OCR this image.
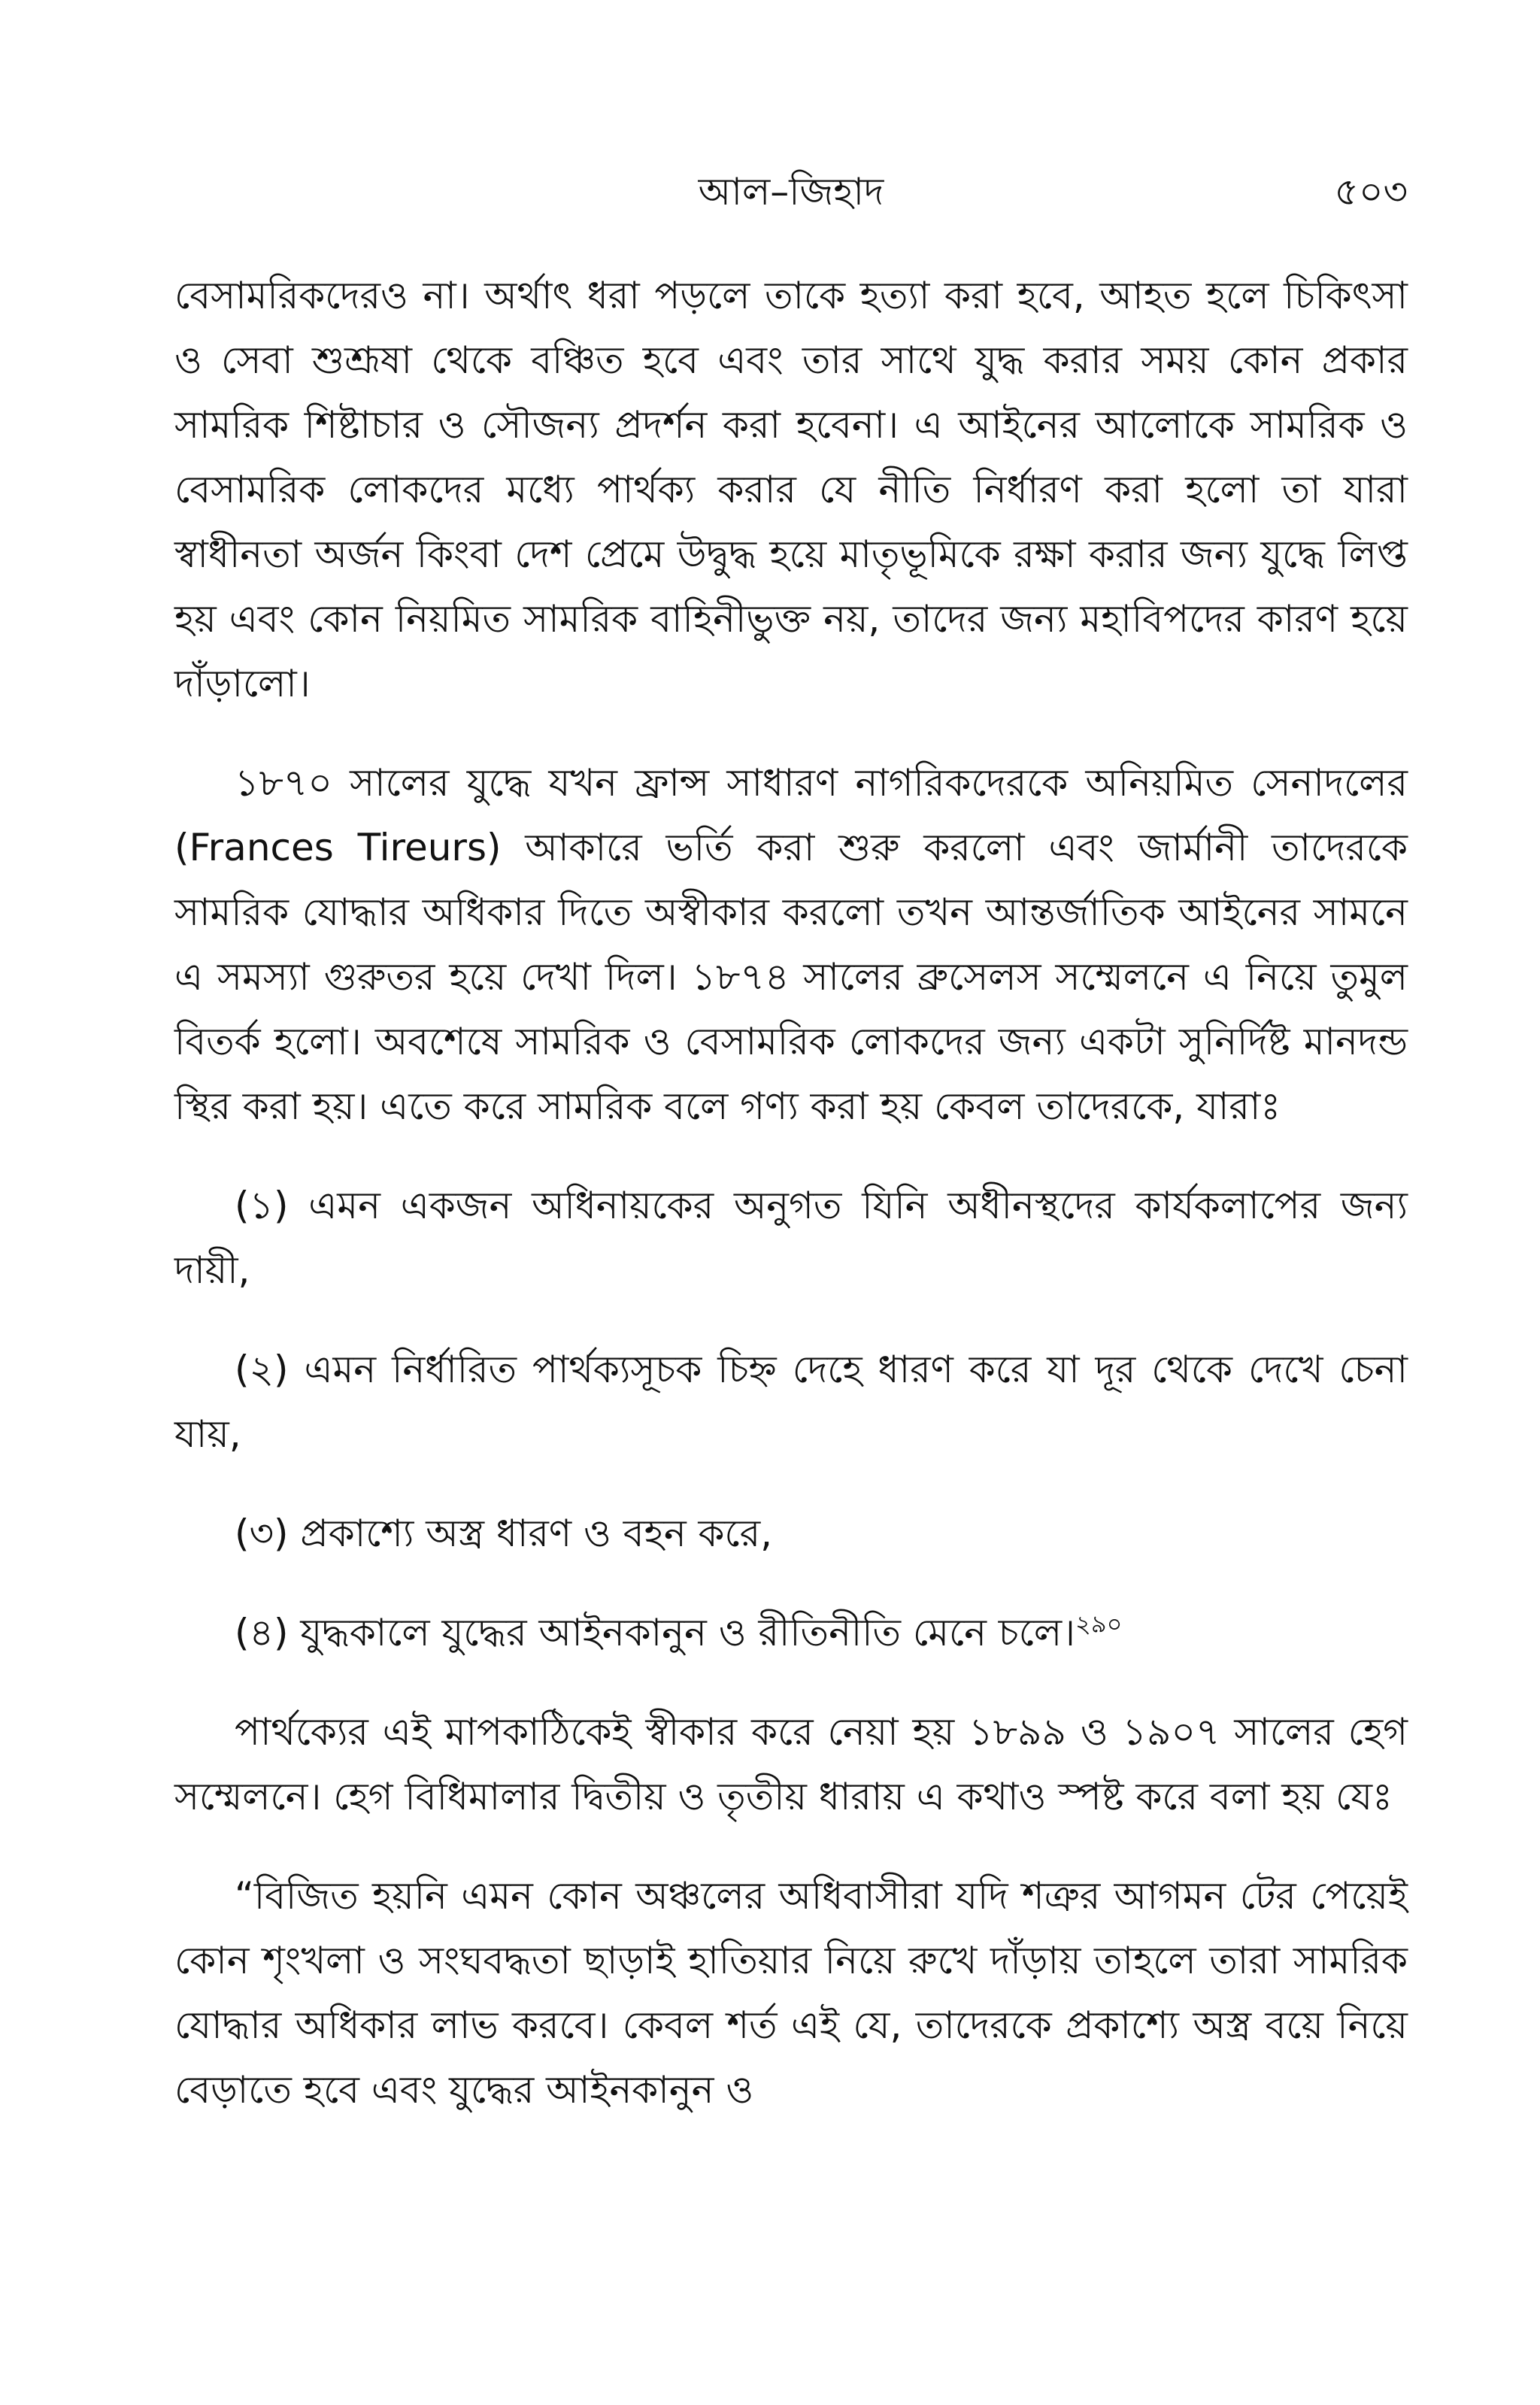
আল–জিহাদ	৫০৩

বেসামরিকদেরও না। অর্থাৎ ধরা পড়লে তাকে হত্যা করা হবে, আহত হলে চিকিৎসা ও সেবা শুশ্রূষা থেকে বঞ্চিত হবে এবং তার সাথে যুদ্ধ করার সময় কোন প্রকার সামরিক শিষ্টাচার ও সৌজন্য প্রদর্শন করা হবেনা। এ আইনের আলোকে সামরিক ও বেসামরিক লোকদের মধ্যে পার্থক্য করার যে নীতি নির্ধারণ করা হলো তা যারা স্বাধীনতা অর্জন কিংবা দেশ প্রেমে উদ্বুদ্ধ হয়ে মাতৃভূমিকে রক্ষা করার জন্য যুদ্ধে লিপ্ত হয় এবং কোন নিয়মিত সামরিক বাহিনীভুক্ত নয়, তাদের জন্য মহাবিপদের কারণ হয়ে দাঁড়ালো।

১৮৭০ সালের যুদ্ধে যখন ফ্রান্স সাধারণ নাগরিকদেরকে অনিয়মিত সেনাদলের (Frances Tireurs) আকারে ভর্তি করা শুরু করলো এবং জার্মানী তাদেরকে সামরিক যোদ্ধার অধিকার দিতে অস্বীকার করলো তখন আন্তর্জাতিক আইনের সামনে এ সমস্যা গুরুতর হয়ে দেখা দিল। ১৮৭৪ সালের ব্রুসেলস সম্মেলনে এ নিয়ে তুমুল বিতর্ক হলো। অবশেষে সামরিক ও বেসামরিক লোকদের জন্য একটা সুনির্দিষ্ট মানদন্ড স্থির করা হয়। এতে করে সামরিক বলে গণ্য করা হয় কেবল তাদেরকে, যারাঃ

(১) এমন একজন অধিনায়কের অনুগত যিনি অধীনস্থদের কার্যকলাপের জন্য দায়ী,

(২) এমন নির্ধারিত পার্থক্যসূচক চিহ্ন দেহে ধারণ করে যা দূর থেকে দেখে চেনা যায়,

(৩) প্রকাশ্যে অস্ত্র ধারণ ও বহন করে,

(৪) যুদ্ধকালে যুদ্ধের আইনকানুন ও রীতিনীতি মেনে চলে।$^{২৯০}$

পার্থক্যের এই মাপকাঠিকেই স্বীকার করে নেয়া হয় ১৮৯৯ ও ১৯০৭ সালের হেগ সম্মেলনে। হেগ বিধিমালার দ্বিতীয় ও তৃতীয় ধারায় এ কথাও স্পষ্ট করে বলা হয় যেঃ

“বিজিত হয়নি এমন কোন অঞ্চলের অধিবাসীরা যদি শত্রুর আগমন টের পেয়েই কোন শৃংখলা ও সংঘবদ্ধতা ছাড়াই হাতিয়ার নিয়ে রুখে দাঁড়ায় তাহলে তারা সামরিক যোদ্ধার অধিকার লাভ করবে। কেবল শর্ত এই যে, তাদেরকে প্রকাশ্যে অস্ত্র বয়ে নিয়ে বেড়াতে হবে এবং যুদ্ধের আইনকানুন ও
